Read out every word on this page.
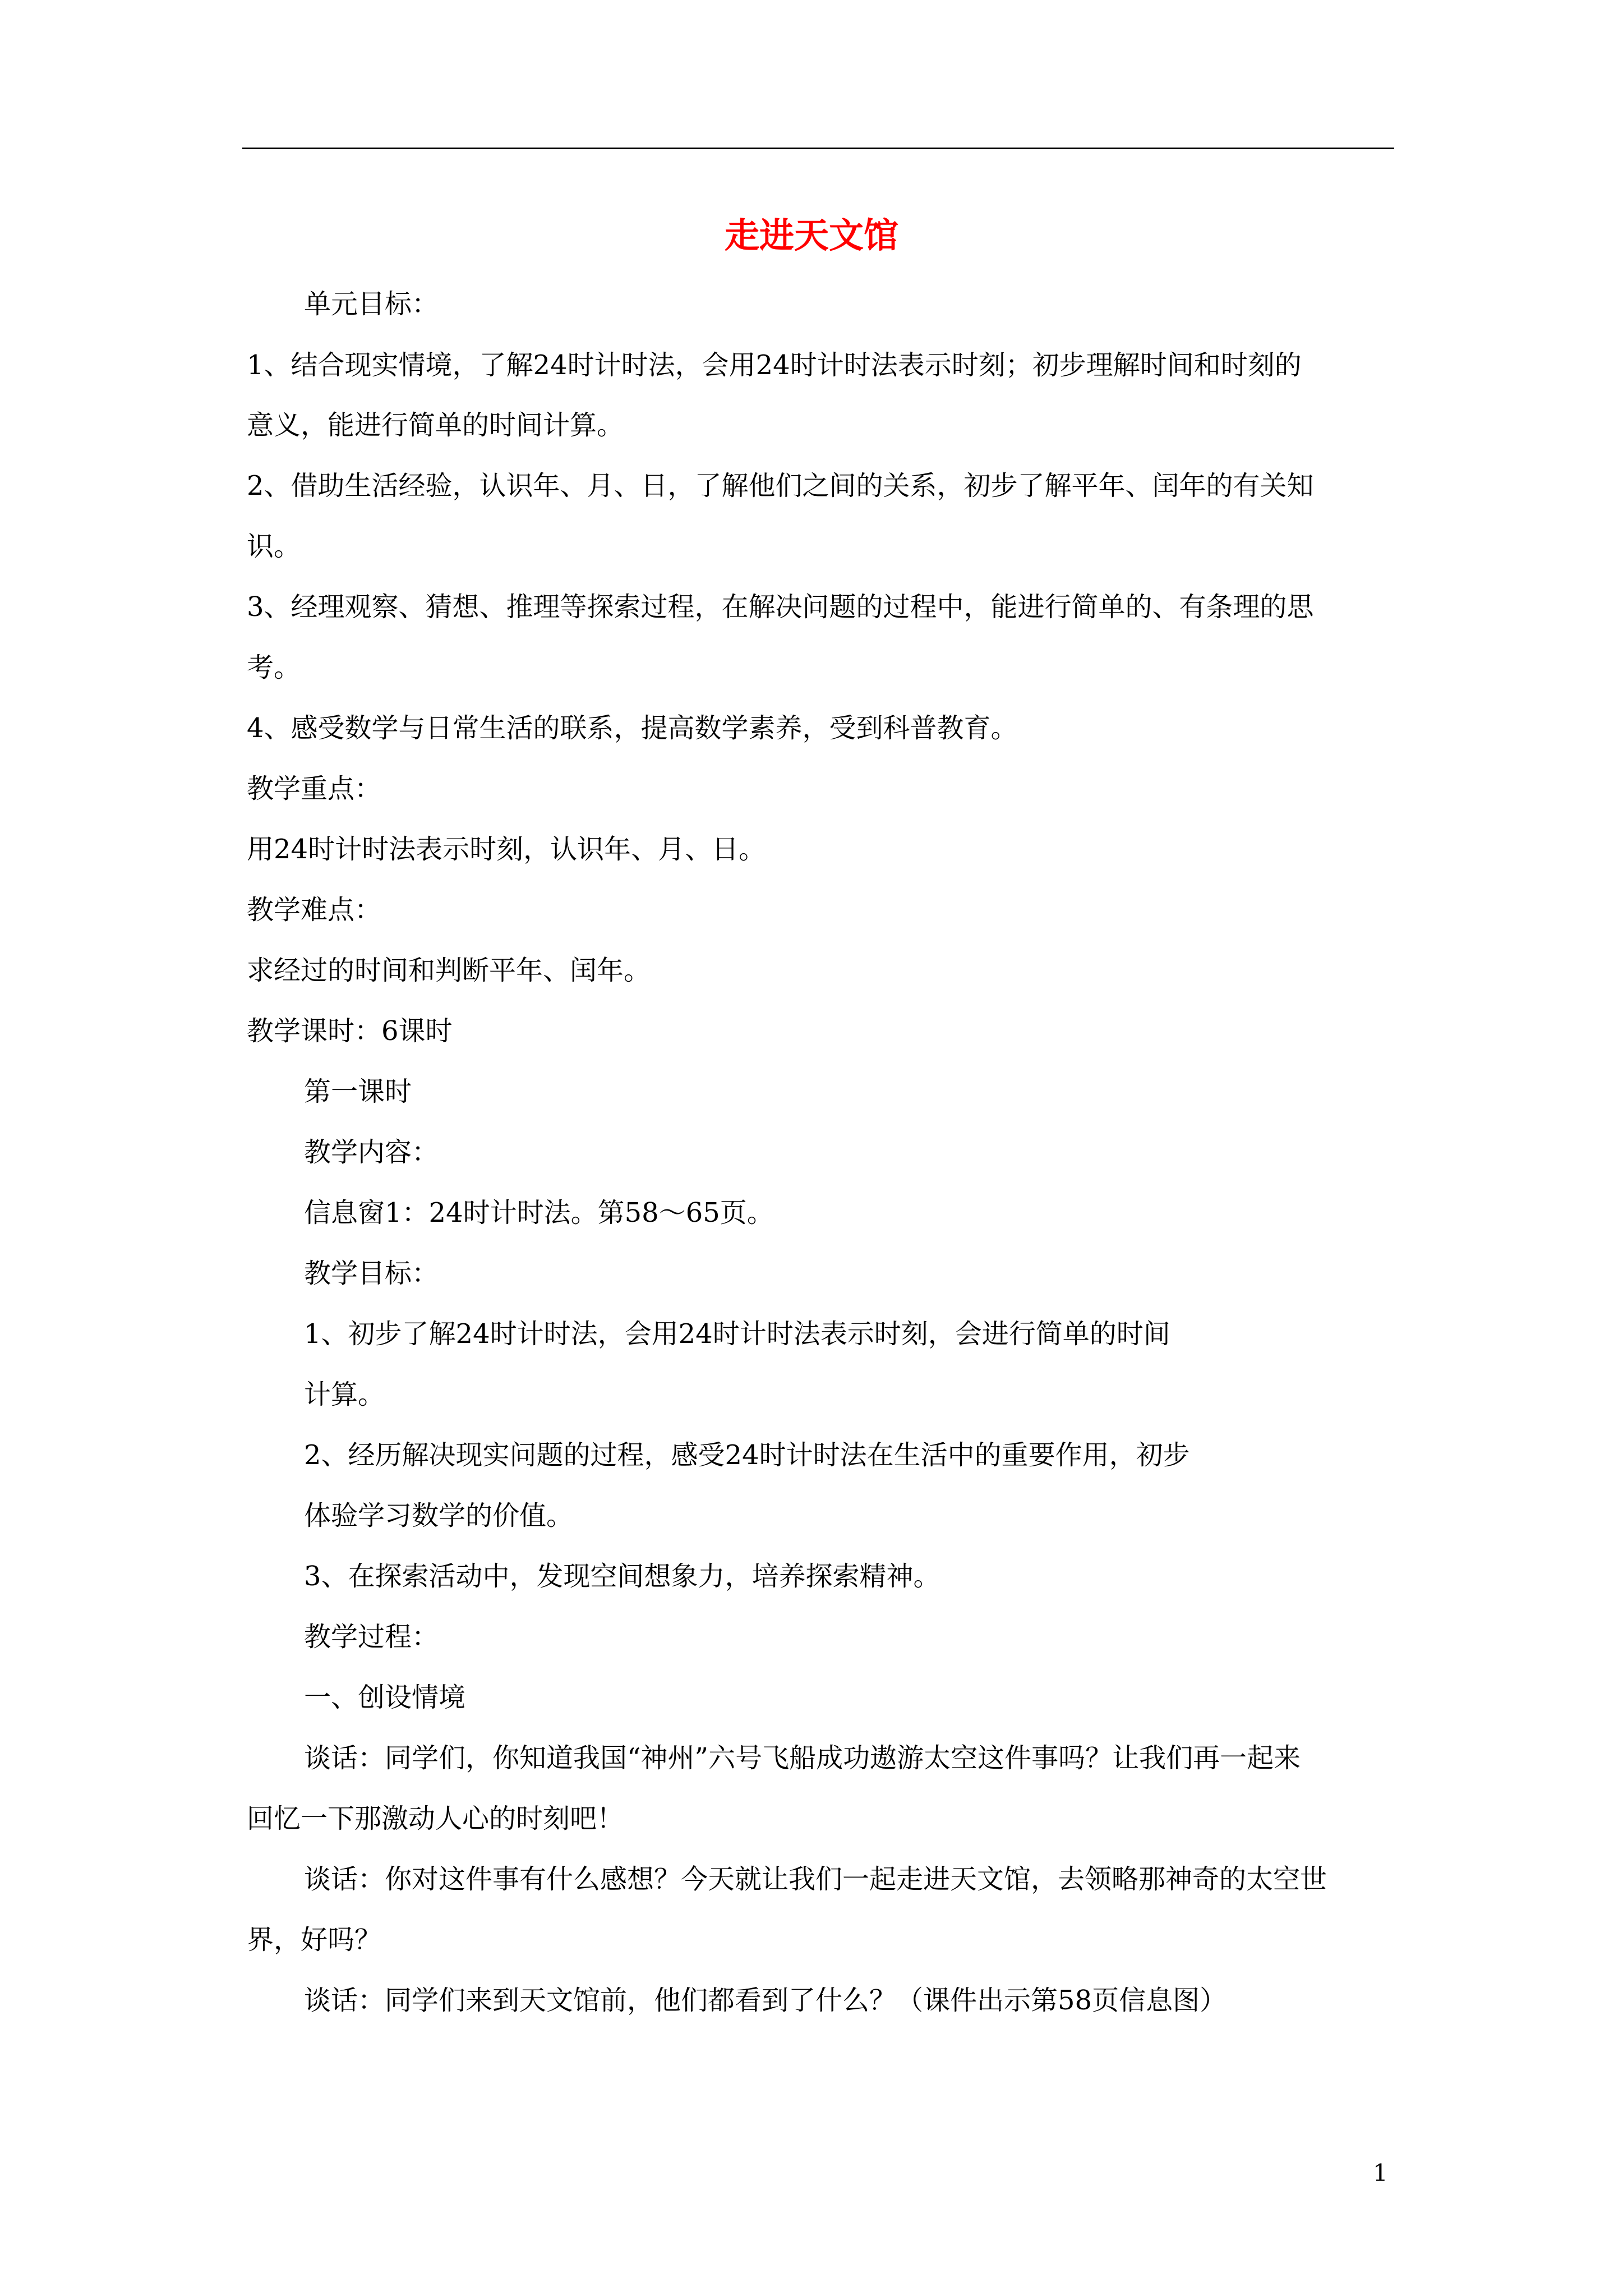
走进天文馆
单元目标：
1、结合现实情境，了解24时计时法，会用24时计时法表示时刻；初步理解时间和时刻的
意义，能进行简单的时间计算。
2、借助生活经验，认识年、月、日，了解他们之间的关系，初步了解平年、闰年的有关知
识。
3、经理观察、猜想、推理等探索过程，在解决问题的过程中，能进行简单的、有条理的思
考。
4、感受数学与日常生活的联系，提高数学素养，受到科普教育。
教学重点：
用24时计时法表示时刻，认识年、月、日。
教学难点：
求经过的时间和判断平年、闰年。
教学课时：6课时
第一课时
教学内容：
信息窗1：24时计时法。第58～65页。
教学目标：
1、初步了解24时计时法，会用24时计时法表示时刻，会进行简单的时间
计算。
2、经历解决现实问题的过程，感受24时计时法在生活中的重要作用，初步
体验学习数学的价值。
3、在探索活动中，发现空间想象力，培养探索精神。
教学过程：
一、创设情境
谈话：同学们，你知道我国“神州”六号飞船成功遨游太空这件事吗？让我们再一起来
回忆一下那激动人心的时刻吧！
谈话：你对这件事有什么感想？今天就让我们一起走进天文馆，去领略那神奇的太空世
界，好吗？
谈话：同学们来到天文馆前，他们都看到了什么？（课件出示第58页信息图）
1
